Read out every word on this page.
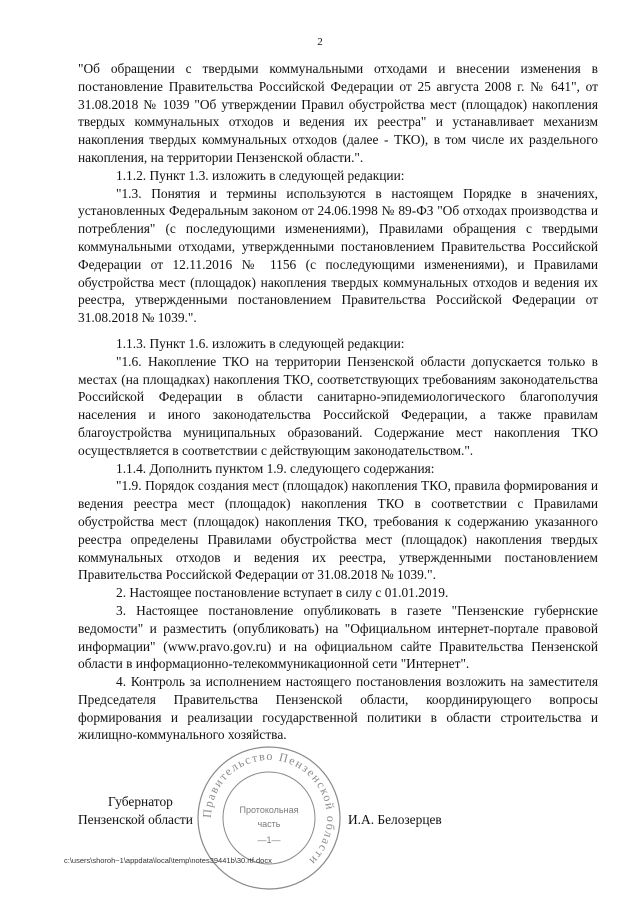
2

"Об обращении с твердыми коммунальными отходами и внесении изменения в постановление Правительства Российской Федерации от 25 августа 2008 г. № 641", от 31.08.2018 № 1039 "Об утверждении Правил обустройства мест (площадок) накопления твердых коммунальных отходов и ведения их реестра" и устанавливает механизм накопления твердых коммунальных отходов (далее - ТКО), в том числе их раздельного накопления, на территории Пензенской области.".

1.1.2. Пункт 1.3. изложить в следующей редакции:

"1.3. Понятия и термины используются в настоящем Порядке в значениях, установленных Федеральным законом от 24.06.1998 № 89-ФЗ "Об отходах производства и потребления" (с последующими изменениями), Правилами обращения с твердыми коммунальными отходами, утвержденными постановлением Правительства Российской Федерации от 12.11.2016 № 1156 (с последующими изменениями), и Правилами обустройства мест (площадок) накопления твердых коммунальных отходов и ведения их реестра, утвержденными постановлением Правительства Российской Федерации от 31.08.2018 № 1039.".

1.1.3. Пункт 1.6. изложить в следующей редакции:

"1.6. Накопление ТКО на территории Пензенской области допускается только в местах (на площадках) накопления ТКО, соответствующих требованиям законодательства Российской Федерации в области санитарно-эпидемиологического благополучия населения и иного законодательства Российской Федерации, а также правилам благоустройства муниципальных образований. Содержание мест накопления ТКО осуществляется в соответствии с действующим законодательством.".

1.1.4. Дополнить пунктом 1.9. следующего содержания:

"1.9. Порядок создания мест (площадок) накопления ТКО, правила формирования и ведения реестра мест (площадок) накопления ТКО в соответствии с Правилами обустройства мест (площадок) накопления ТКО, требования к содержанию указанного реестра определены Правилами обустройства мест (площадок) накопления твердых коммунальных отходов и ведения их реестра, утвержденными постановлением Правительства Российской Федерации от 31.08.2018 № 1039.".

2. Настоящее постановление вступает в силу с 01.01.2019.

3. Настоящее постановление опубликовать в газете "Пензенские губернские ведомости" и разместить (опубликовать) на "Официальном интернет-портале правовой информации" (www.pravo.gov.ru) и на официальном сайте Правительства Пензенской области в информационно-телекоммуникационной сети "Интернет".

4. Контроль за исполнением настоящего постановления возложить на заместителя Председателя Правительства Пензенской области, координирующего вопросы формирования и реализации государственной политики в области строительства и жилищно-коммунального хозяйства.

Правительство Пензенской области
Протокольная
часть
—1—
Губернатор
Пензенской области	И.А. Белозерцев
c:\users\shoroh~1\appdata\local\temp\notes39441b\30.rtf.docx
